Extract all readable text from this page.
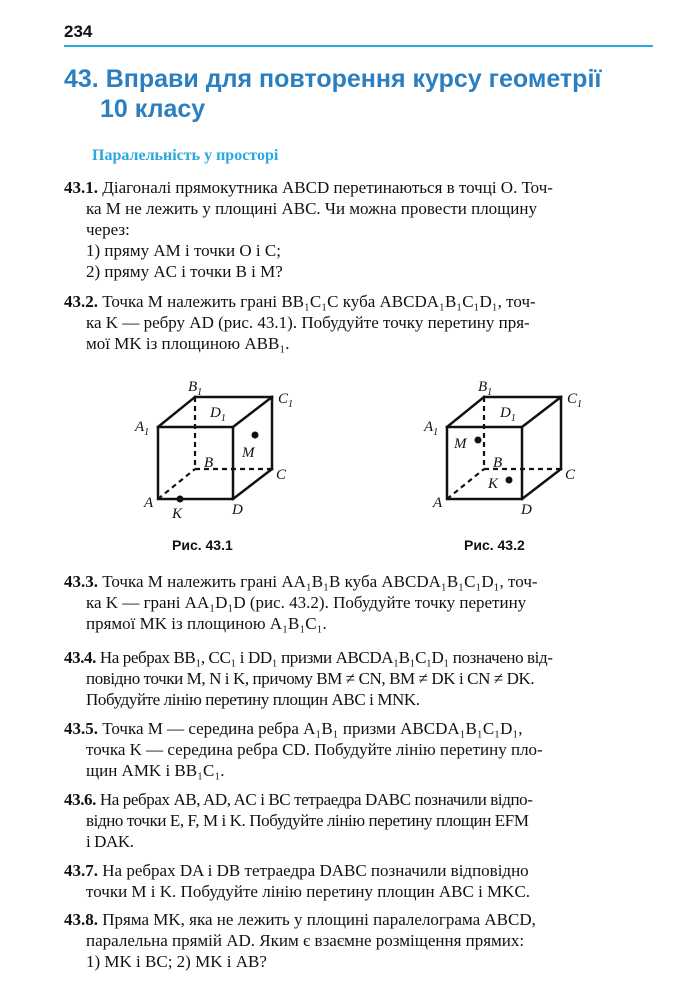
234
43. Вправи для повторення курсу геометрії
10 класу
Паралельність у просторі
43.1. Діагоналі прямокутника ABCD перетинаються в точці O. Точ-
ка M не лежить у площині ABC. Чи можна провести площину
через:
1) пряму AM і точки O і C;
2) пряму AC і точки B і M?
43.2. Точка M належить грані BB₁C₁C куба ABCDA₁B₁C₁D₁, точ-
ка K — ребру AD (рис. 43.1). Побудуйте точку перетину пря-
мої MK із площиною ABB₁.
$A_1$
$B_1$	$C_1$
$D_1$
B
C
A	D
M
K
Рис. 43.1
$A_1$
$B_1$	$C_1$
$D_1$
B
C
A	D
M
K
Рис. 43.2
43.3. Точка M належить грані AA₁B₁B куба ABCDA₁B₁C₁D₁, точ-
ка K — грані AA₁D₁D (рис. 43.2). Побудуйте точку перетину
прямої MK із площиною A₁B₁C₁.
43.4. На ребрах BB₁, CC₁ і DD₁ призми ABCDA₁B₁C₁D₁ позначено від-
повідно точки M, N і K, причому BM ≠ CN, BM ≠ DK і CN ≠ DK.
Побудуйте лінію перетину площин ABC і MNK.
43.5. Точка M — середина ребра A₁B₁ призми ABCDA₁B₁C₁D₁,
точка K — середина ребра CD. Побудуйте лінію перетину пло-
щин AMK і BB₁C₁.
43.6. На ребрах AB, AD, AC і BC тетраедра DABC позначили відпо-
відно точки E, F, M і K. Побудуйте лінію перетину площин EFM
і DAK.
43.7. На ребрах DA і DB тетраедра DABC позначили відповідно
точки M і K. Побудуйте лінію перетину площин ABC і MKC.
43.8. Пряма MK, яка не лежить у площині паралелограма ABCD,
паралельна прямій AD. Яким є взаємне розміщення прямих:
1) MK і BC; 2) MK і AB?
